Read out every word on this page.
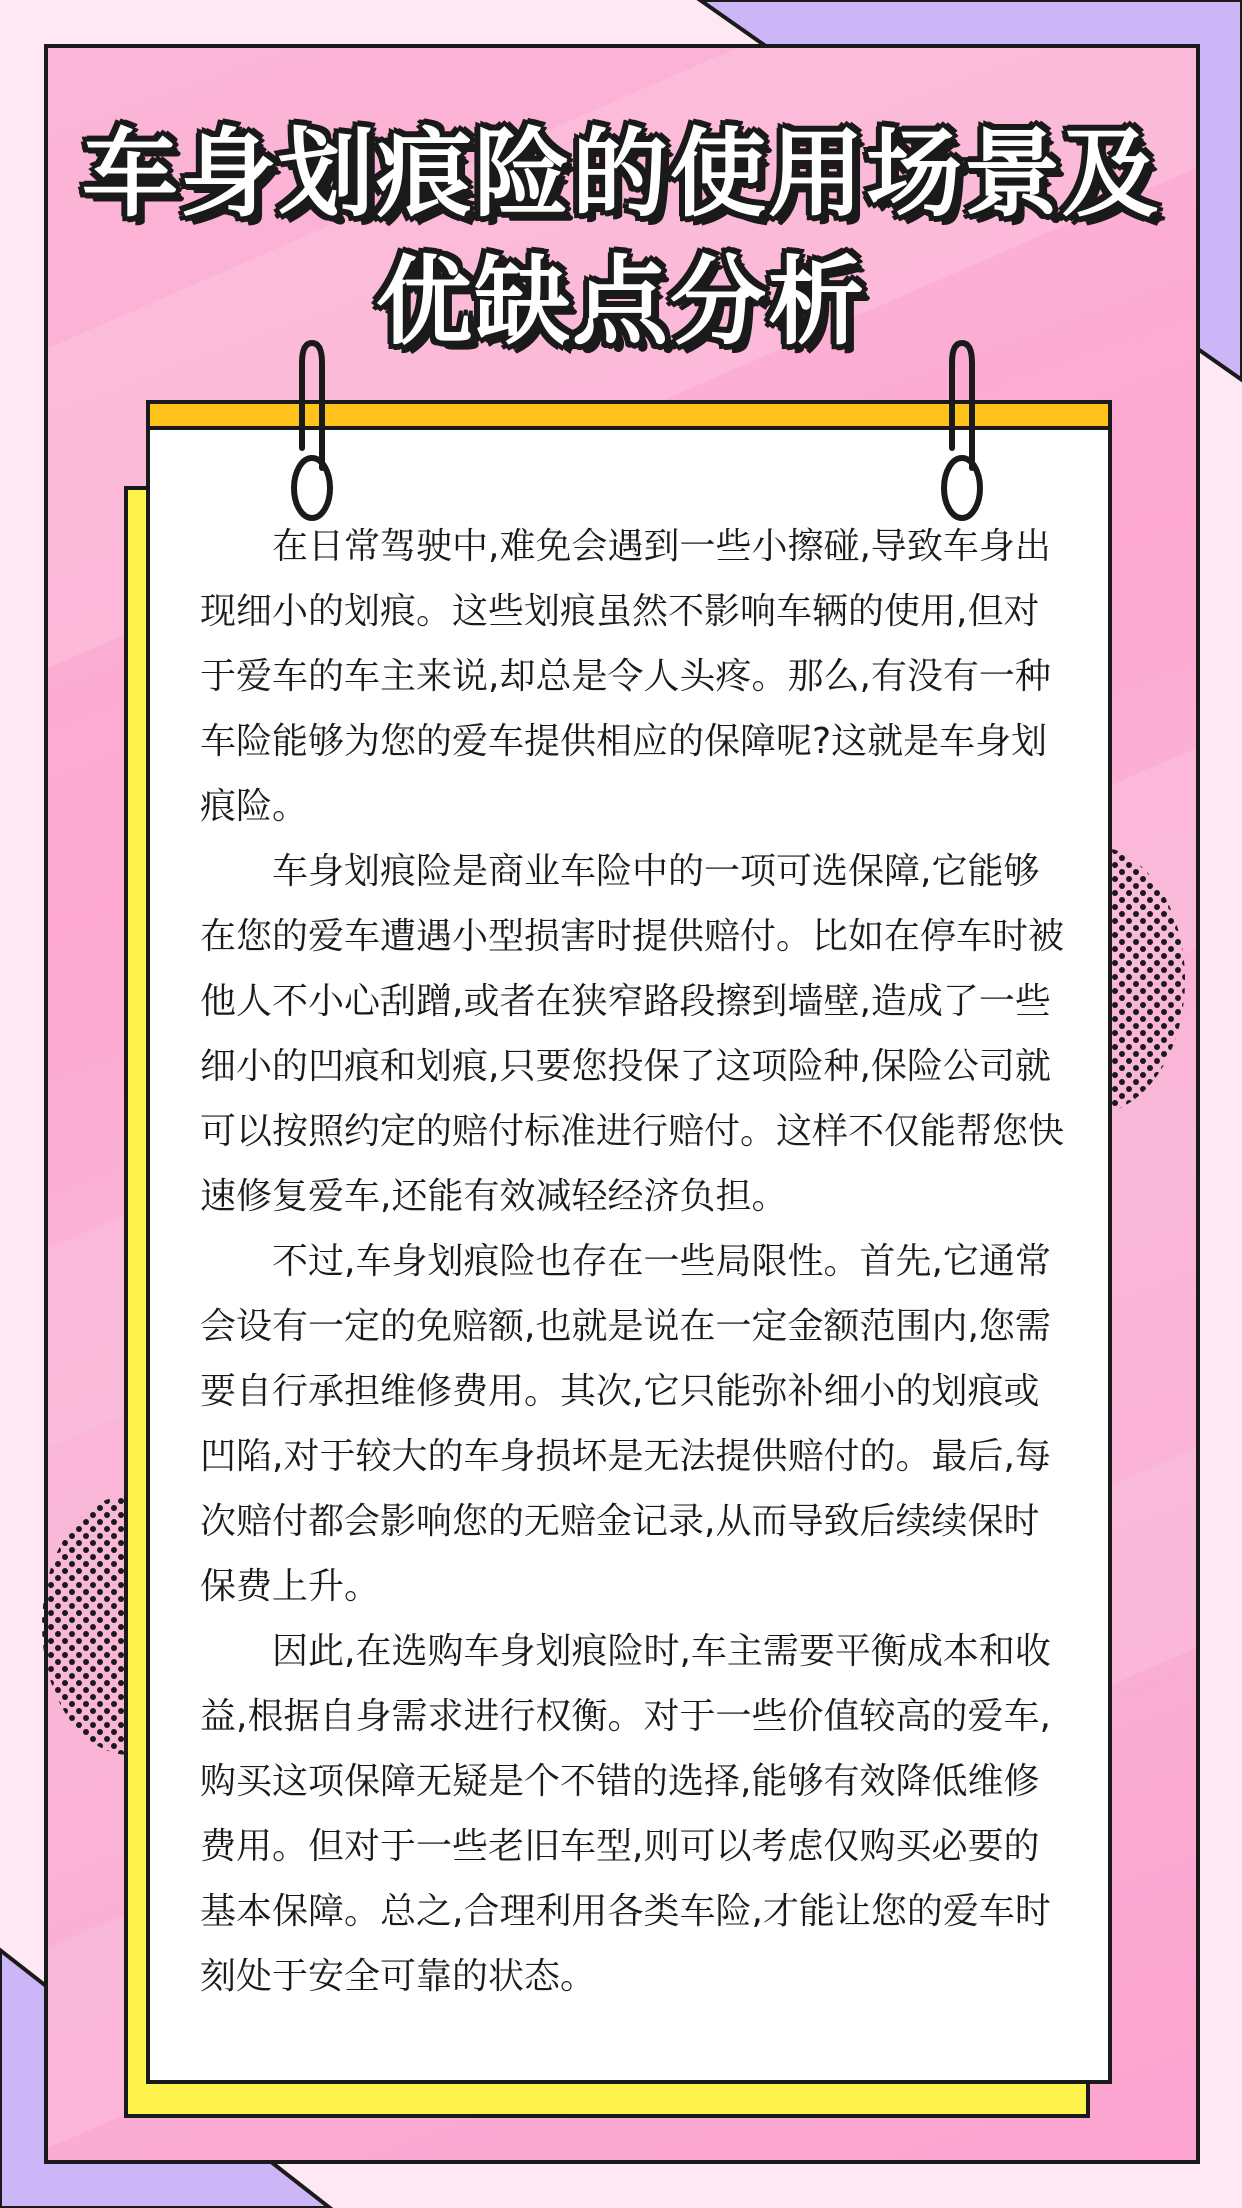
车身划痕险的使用场景及
优缺点分析

在日常驾驶中,难免会遇到一些小擦碰,导致车身出现细小的划痕。这些划痕虽然不影响车辆的使用,但对于爱车的车主来说,却总是令人头疼。那么,有没有一种车险能够为您的爱车提供相应的保障呢?这就是车身划痕险。

车身划痕险是商业车险中的一项可选保障,它能够在您的爱车遭遇小型损害时提供赔付。比如在停车时被他人不小心刮蹭,或者在狭窄路段擦到墙壁,造成了一些细小的凹痕和划痕,只要您投保了这项险种,保险公司就可以按照约定的赔付标准进行赔付。这样不仅能帮您快速修复爱车,还能有效减轻经济负担。

不过,车身划痕险也存在一些局限性。首先,它通常会设有一定的免赔额,也就是说在一定金额范围内,您需要自行承担维修费用。其次,它只能弥补细小的划痕或凹陷,对于较大的车身损坏是无法提供赔付的。最后,每次赔付都会影响您的无赔金记录,从而导致后续续保时保费上升。

因此,在选购车身划痕险时,车主需要平衡成本和收益,根据自身需求进行权衡。对于一些价值较高的爱车,购买这项保障无疑是个不错的选择,能够有效降低维修费用。但对于一些老旧车型,则可以考虑仅购买必要的基本保障。总之,合理利用各类车险,才能让您的爱车时刻处于安全可靠的状态。
